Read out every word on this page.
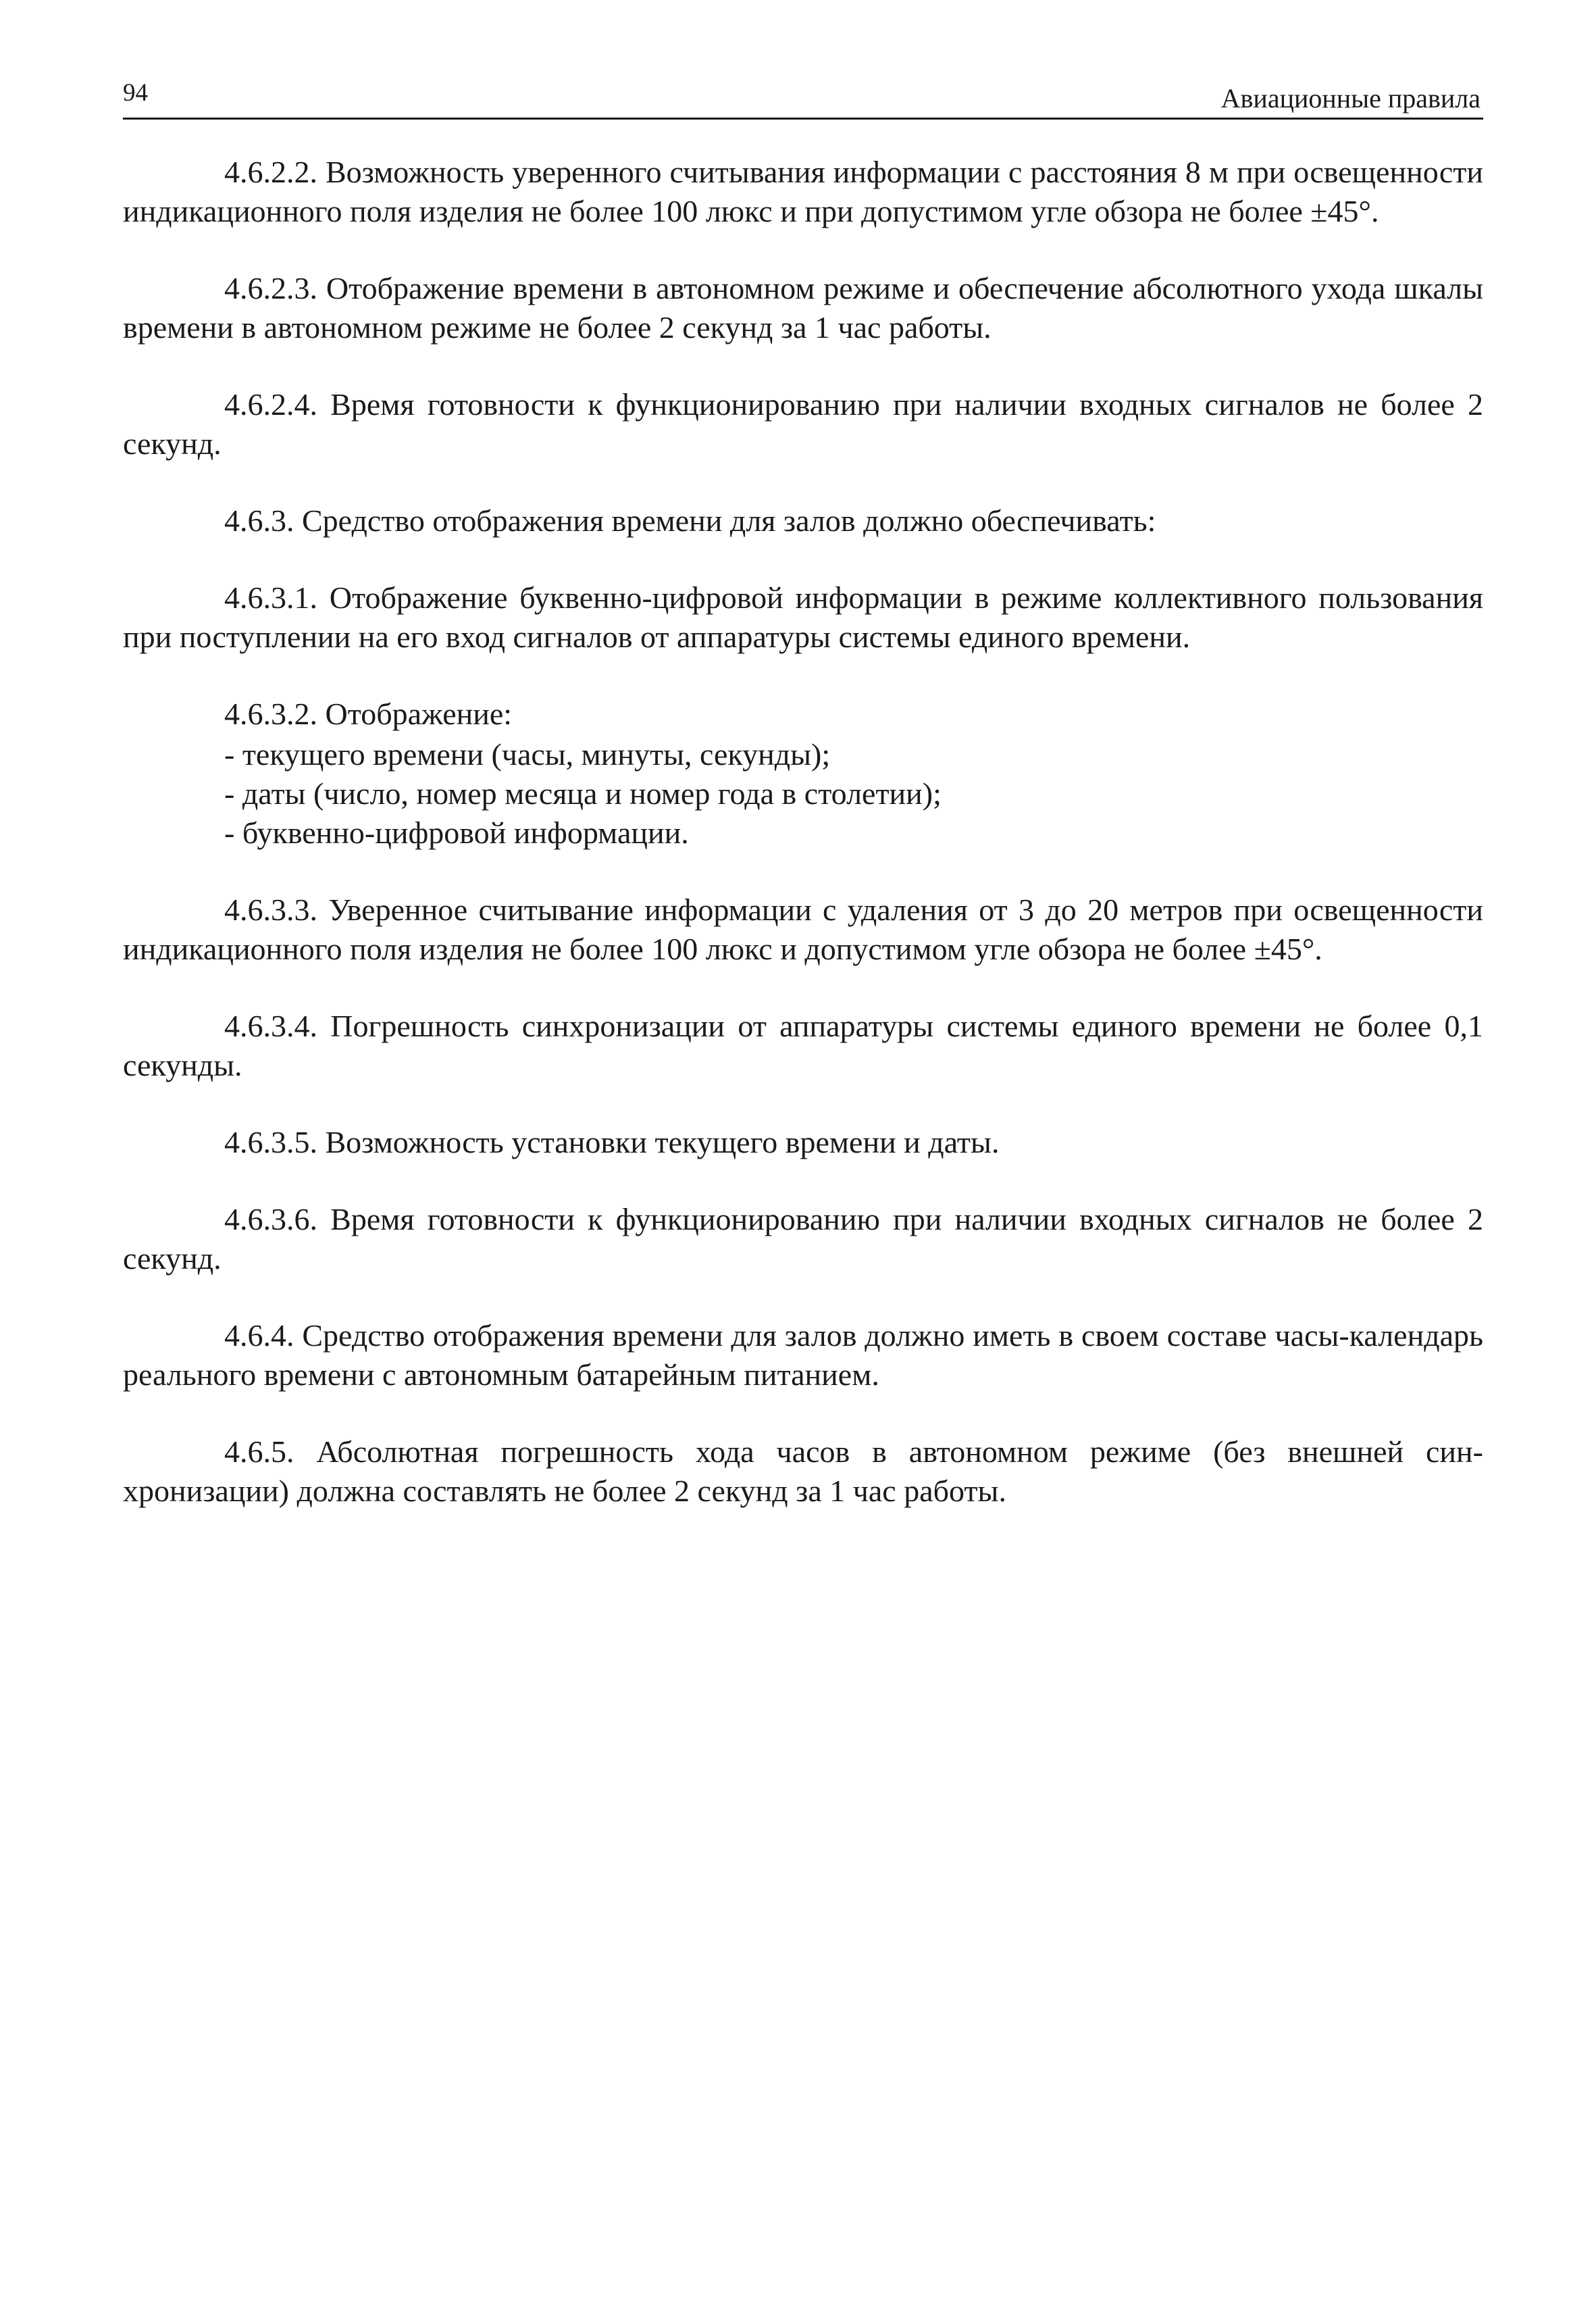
94	Авиационные правила

4.6.2.2. Возможность уверенного считывания информации с расстояния 8 м при освещенности индикационного поля изделия не более 100 люкс и при допустимом угле обзора не более ±45°.

4.6.2.3. Отображение времени в автономном режиме и обеспечение абсолютного ухода шкалы времени в автономном режиме не более 2 секунд за 1 час работы.

4.6.2.4. Время готовности к функционированию при наличии входных сигналов не более 2 секунд.

4.6.3. Средство отображения времени для залов должно обеспечивать:

4.6.3.1. Отображение буквенно-цифровой информации в режиме коллективного пользования при поступлении на его вход сигналов от аппаратуры системы единого времени.

4.6.3.2. Отображение:

- текущего времени (часы, минуты, секунды);

- даты (число, номер месяца и номер года в столетии);

- буквенно-цифровой информации.

4.6.3.3. Уверенное считывание информации с удаления от 3 до 20 метров при освещенности индикационного поля изделия не более 100 люкс и допустимом угле обзора не более ±45°.

4.6.3.4. Погрешность синхронизации от аппаратуры системы единого времени не более 0,1 секунды.

4.6.3.5. Возможность установки текущего времени и даты.

4.6.3.6. Время готовности к функционированию при наличии входных сигналов не более 2 секунд.

4.6.4. Средство отображения времени для залов должно иметь в своем составе часы-календарь реального времени с автономным батарейным питанием.

4.6.5. Абсолютная погрешность хода часов в автономном режиме (без внешней синхронизации) должна составлять не более 2 секунд за 1 час работы.
